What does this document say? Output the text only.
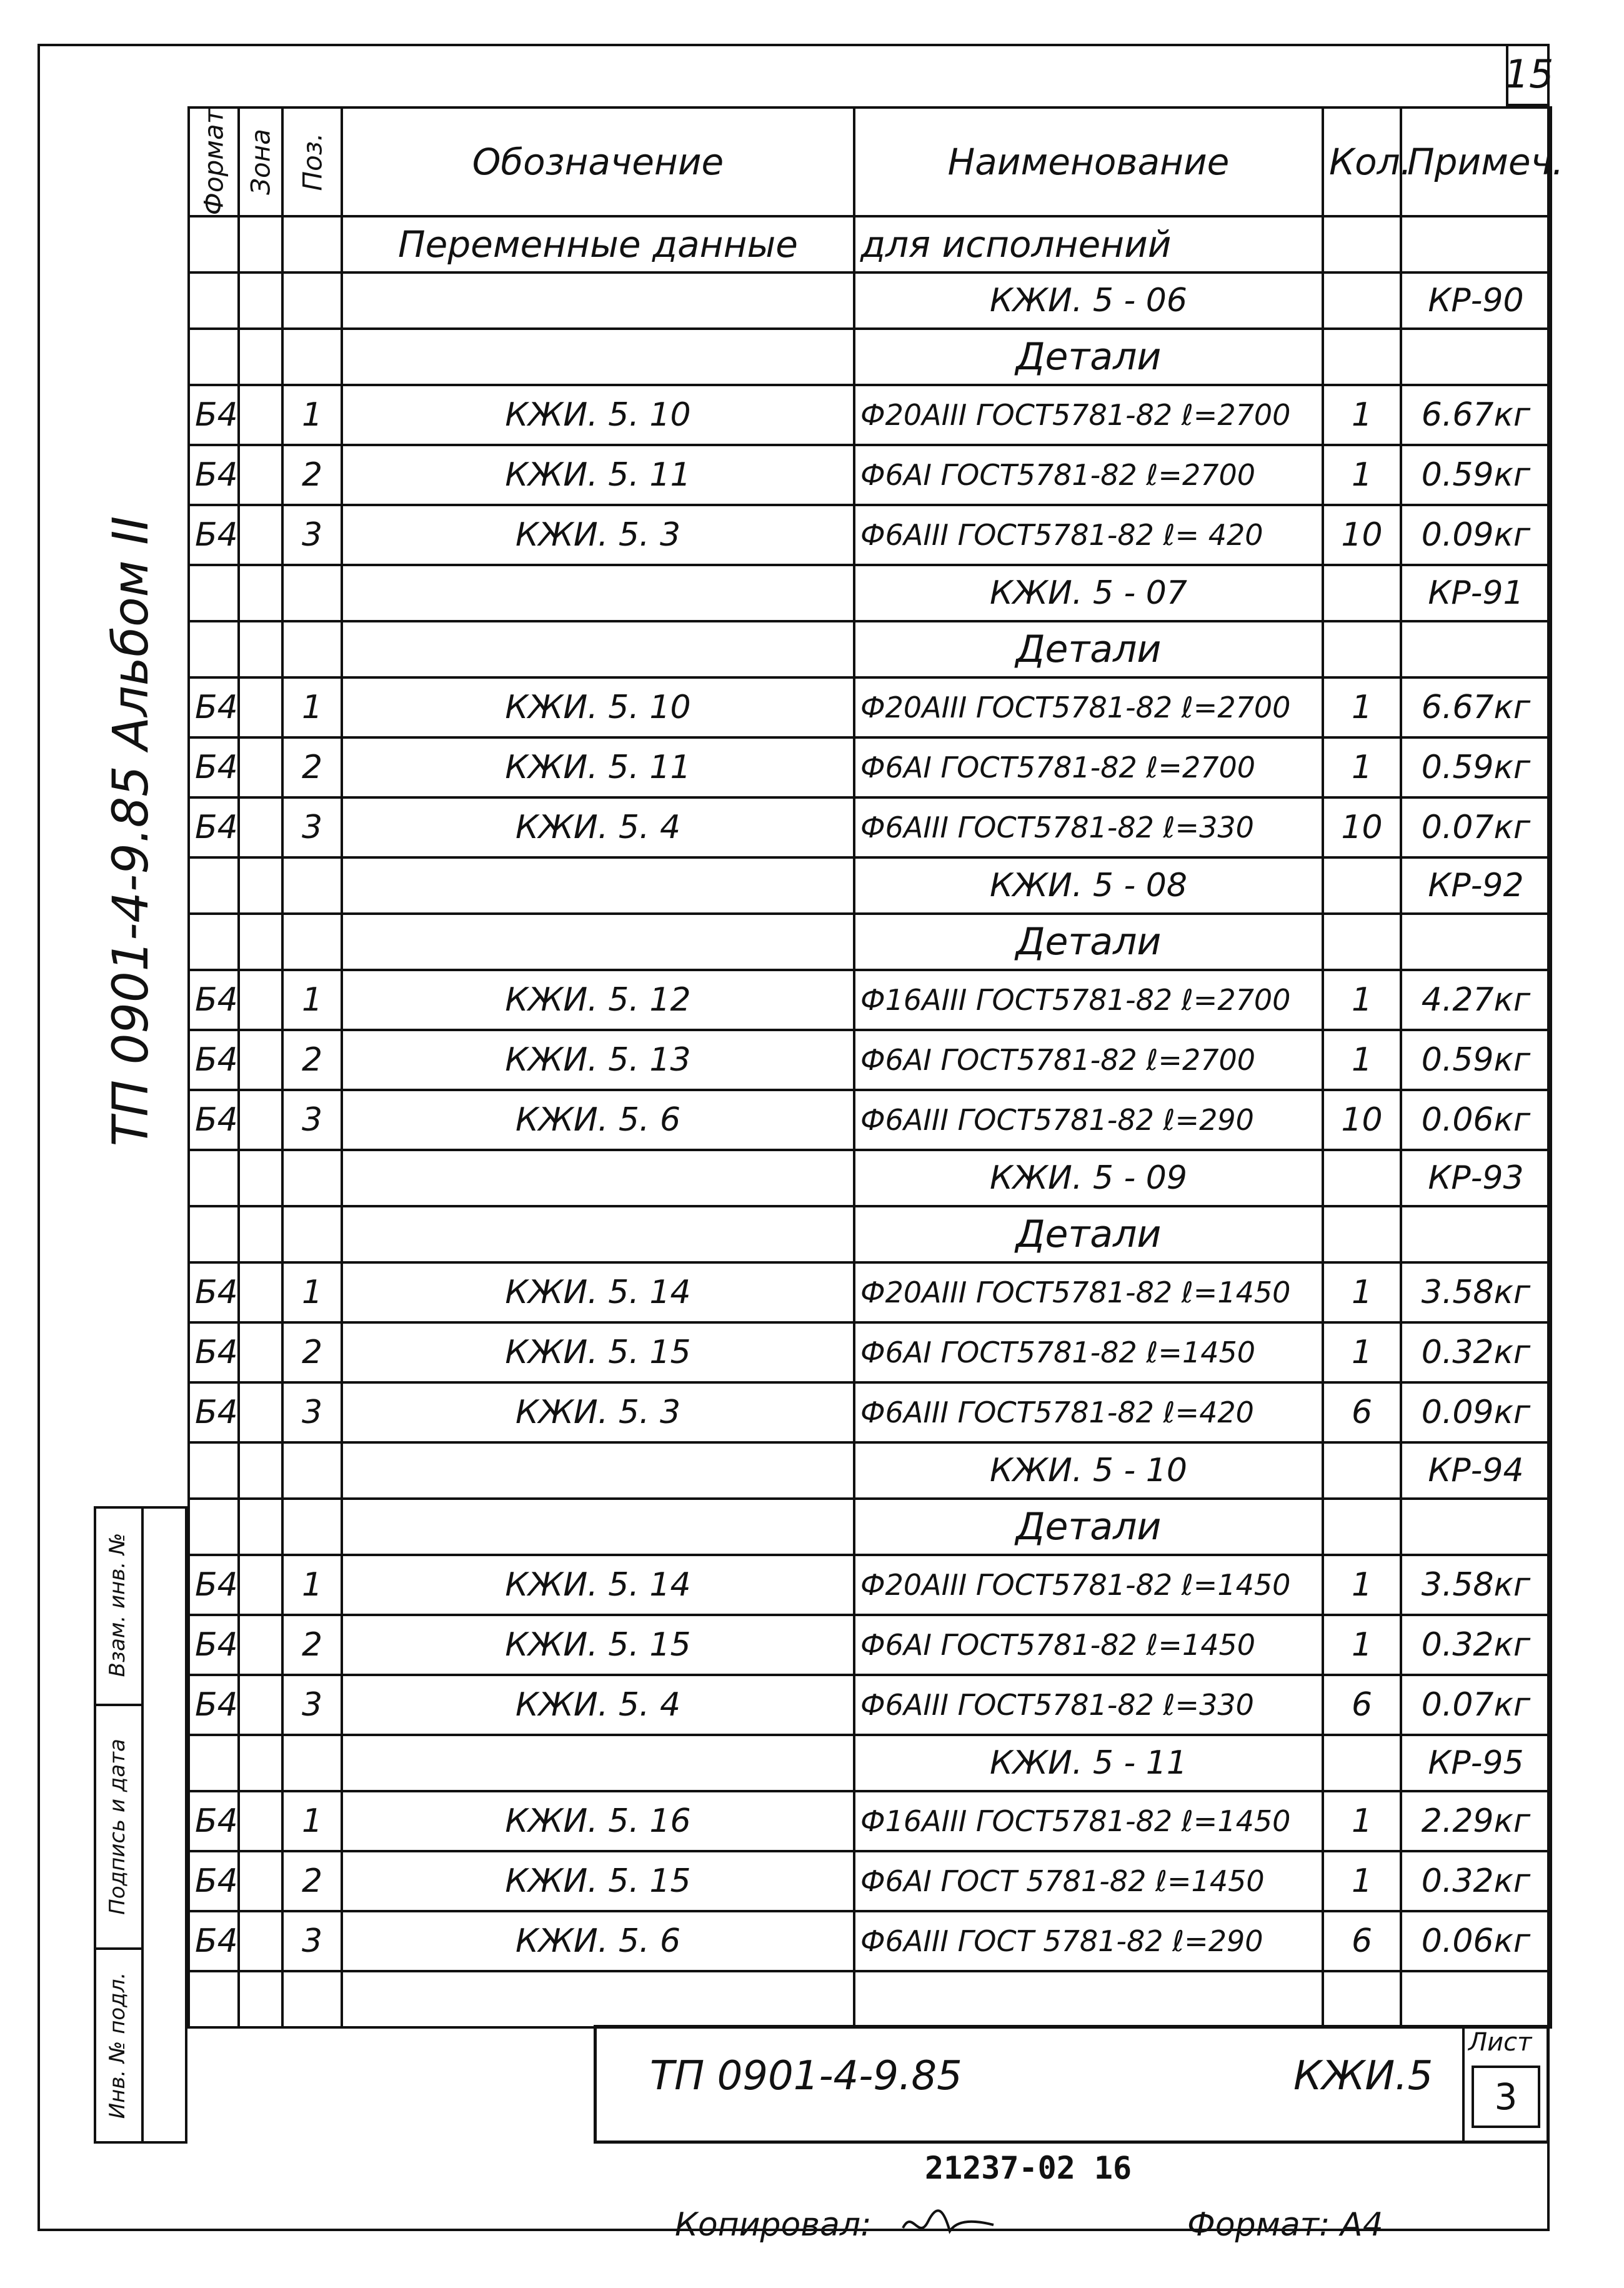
15
ТП 0901-4-9.85 Альбом II
Формат	Зона	Поз.	Обозначение	Наименование	Кол.	Примеч.
			Переменные данные	для исполнений		
				КЖИ. 5 - 06		КР-90
				Детали		
Б4		1	КЖИ. 5. 10	Ф20АIII ГОСТ5781-82 ℓ=2700	1	6.67кг
Б4		2	КЖИ. 5. 11	Ф6АI ГОСТ5781-82 ℓ=2700	1	0.59кг
Б4		3	КЖИ. 5. 3	Ф6АIII ГОСТ5781-82 ℓ= 420	10	0.09кг
				КЖИ. 5 - 07		КР-91
				Детали		
Б4		1	КЖИ. 5. 10	Ф20АIII ГОСТ5781-82 ℓ=2700	1	6.67кг
Б4		2	КЖИ. 5. 11	Ф6АI ГОСТ5781-82 ℓ=2700	1	0.59кг
Б4		3	КЖИ. 5. 4	Ф6АIII ГОСТ5781-82 ℓ=330	10	0.07кг
				КЖИ. 5 - 08		КР-92
				Детали		
Б4		1	КЖИ. 5. 12	Ф16АIII ГОСТ5781-82 ℓ=2700	1	4.27кг
Б4		2	КЖИ. 5. 13	Ф6АI ГОСТ5781-82 ℓ=2700	1	0.59кг
Б4		3	КЖИ. 5. 6	Ф6АIII ГОСТ5781-82 ℓ=290	10	0.06кг
				КЖИ. 5 - 09		КР-93
				Детали		
Б4		1	КЖИ. 5. 14	Ф20АIII ГОСТ5781-82 ℓ=1450	1	3.58кг
Б4		2	КЖИ. 5. 15	Ф6АI ГОСТ5781-82 ℓ=1450	1	0.32кг
Б4		3	КЖИ. 5. 3	Ф6АIII ГОСТ5781-82 ℓ=420	6	0.09кг
				КЖИ. 5 - 10		КР-94
				Детали		
Б4		1	КЖИ. 5. 14	Ф20АIII ГОСТ5781-82 ℓ=1450	1	3.58кг
Б4		2	КЖИ. 5. 15	Ф6АI ГОСТ5781-82 ℓ=1450	1	0.32кг
Б4		3	КЖИ. 5. 4	Ф6АIII ГОСТ5781-82 ℓ=330	6	0.07кг
				КЖИ. 5 - 11		КР-95
Б4		1	КЖИ. 5. 16	Ф16АIII ГОСТ5781-82 ℓ=1450	1	2.29кг
Б4		2	КЖИ. 5. 15	Ф6АI ГОСТ 5781-82 ℓ=1450	1	0.32кг
Б4		3	КЖИ. 5. 6	Ф6АIII ГОСТ 5781-82 ℓ=290	6	0.06кг

Взам. инв. №
Подпись и дата
Инв. № подл.	ТП 0901-4-9.85	КЖИ.5
Лист
3
21237-02 16
Копировал:	Формат: А4
